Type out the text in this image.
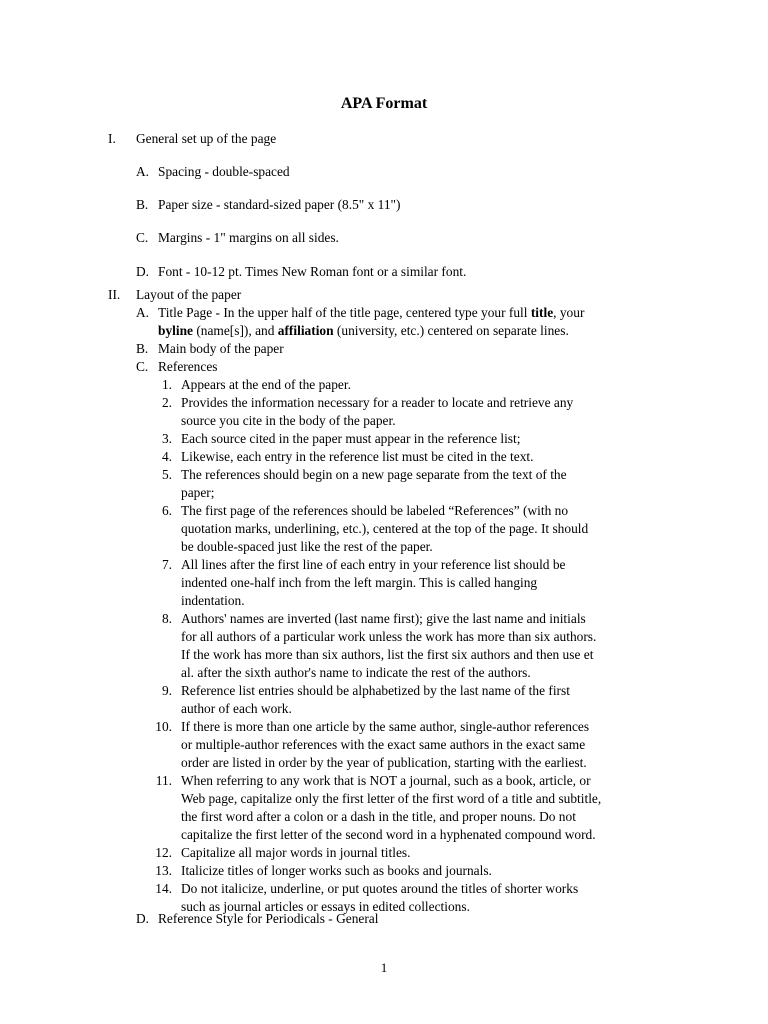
APA Format
I.	General set up of the page
A. Spacing - double-spaced
B. Paper size - standard-sized paper (8.5" x 11")
C. Margins - 1" margins on all sides.
D. Font - 10-12 pt. Times New Roman font or a similar font.
II. Layout of the paper
A. Title Page - In the upper half of the title page, centered type your full title, your
byline (name[s]), and affiliation (university, etc.) centered on separate lines.
B. Main body of the paper
C. References
1. Appears at the end of the paper.
2. Provides the information necessary for a reader to locate and retrieve any
source you cite in the body of the paper.
3. Each source cited in the paper must appear in the reference list;
4. Likewise, each entry in the reference list must be cited in the text.
5. The references should begin on a new page separate from the text of the
paper;
6. The first page of the references should be labeled “References” (with no
quotation marks, underlining, etc.), centered at the top of the page. It should
be double-spaced just like the rest of the paper.
7. All lines after the first line of each entry in your reference list should be
indented one-half inch from the left margin. This is called hanging
indentation.
8. Authors' names are inverted (last name first); give the last name and initials
for all authors of a particular work unless the work has more than six authors.
If the work has more than six authors, list the first six authors and then use et
al. after the sixth author's name to indicate the rest of the authors.
9. Reference list entries should be alphabetized by the last name of the first
author of each work.
10. If there is more than one article by the same author, single-author references
or multiple-author references with the exact same authors in the exact same
order are listed in order by the year of publication, starting with the earliest.
11. When referring to any work that is NOT a journal, such as a book, article, or
Web page, capitalize only the first letter of the first word of a title and subtitle,
the first word after a colon or a dash in the title, and proper nouns. Do not
capitalize the first letter of the second word in a hyphenated compound word.
12. Capitalize all major words in journal titles.
13. Italicize titles of longer works such as books and journals.
14. Do not italicize, underline, or put quotes around the titles of shorter works
such as journal articles or essays in edited collections.
D. Reference Style for Periodicals - General
1
